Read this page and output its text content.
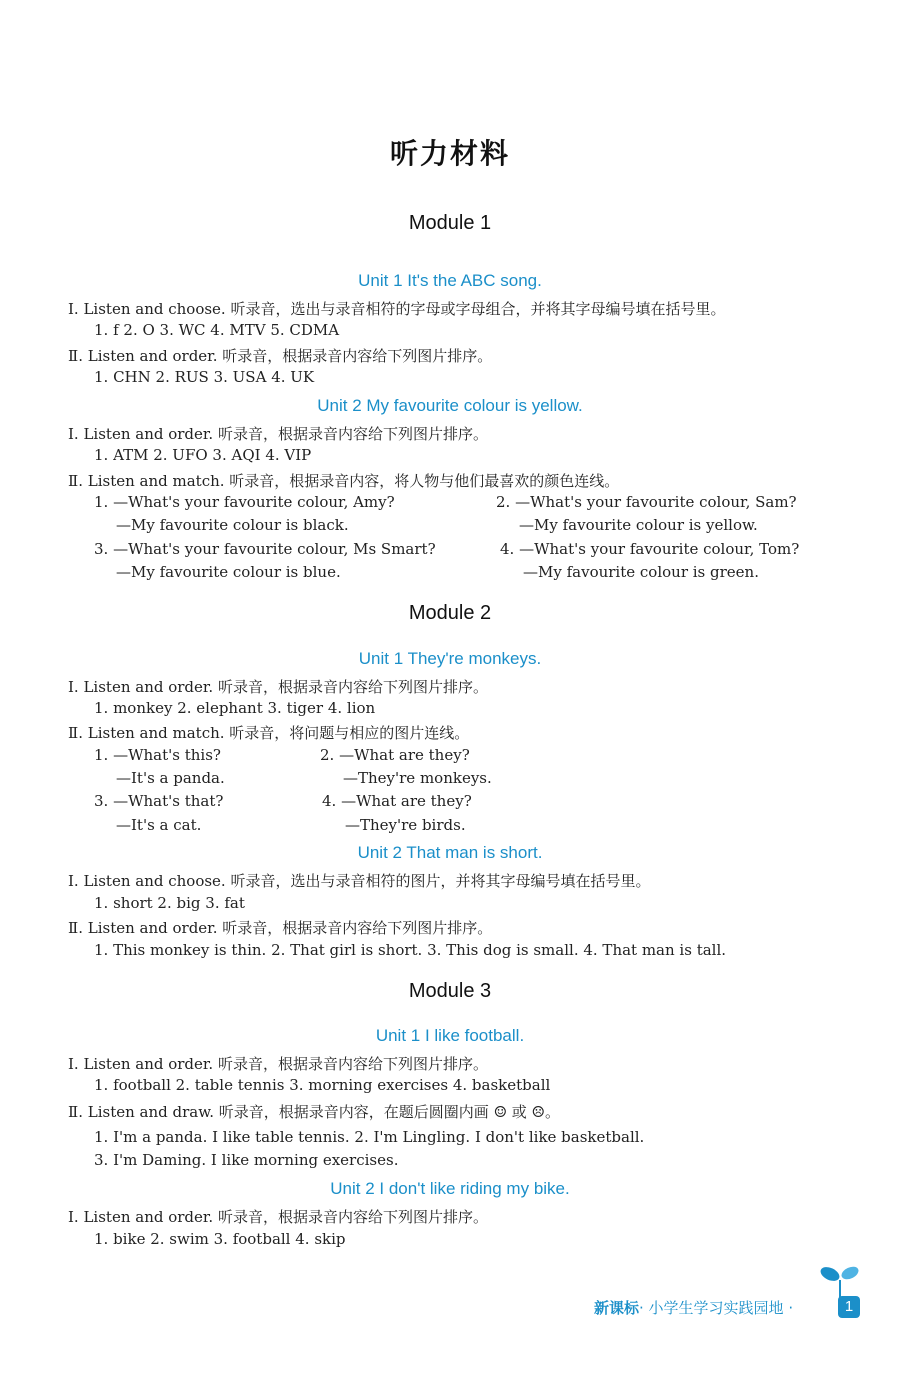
听力材料
Module 1
Unit 1 It's the ABC song.
Ⅰ. Listen and choose. 听录音，选出与录音相符的字母或字母组合，并将其字母编号填在括号里。
1. f 2. O 3. WC 4. MTV 5. CDMA
Ⅱ. Listen and order. 听录音，根据录音内容给下列图片排序。
1. CHN 2. RUS 3. USA 4. UK
Unit 2 My favourite colour is yellow.
Ⅰ. Listen and order. 听录音，根据录音内容给下列图片排序。
1. ATM 2. UFO 3. AQI 4. VIP
Ⅱ. Listen and match. 听录音，根据录音内容，将人物与他们最喜欢的颜色连线。
1. —What's your favourite colour, Amy?
—My favourite colour is black.
2. —What's your favourite colour, Sam?
—My favourite colour is yellow.
3. —What's your favourite colour, Ms Smart?
—My favourite colour is blue.
4. —What's your favourite colour, Tom?
—My favourite colour is green.
Module 2
Unit 1 They're monkeys.
Ⅰ. Listen and order. 听录音，根据录音内容给下列图片排序。
1. monkey 2. elephant 3. tiger 4. lion
Ⅱ. Listen and match. 听录音，将问题与相应的图片连线。
1. —What's this?
—It's a panda.
2. —What are they?
—They're monkeys.
3. —What's that?
—It's a cat.
4. —What are they?
—They're birds.
Unit 2 That man is short.
Ⅰ. Listen and choose. 听录音，选出与录音相符的图片，并将其字母编号填在括号里。
1. short 2. big 3. fat
Ⅱ. Listen and order. 听录音，根据录音内容给下列图片排序。
1. This monkey is thin. 2. That girl is short. 3. This dog is small. 4. That man is tall.
Module 3
Unit 1 I like football.
Ⅰ. Listen and order. 听录音，根据录音内容给下列图片排序。
1. football 2. table tennis 3. morning exercises 4. basketball
Ⅱ. Listen and draw. 听录音，根据录音内容，在题后圆圈内画 ☺ 或 ☹。
1. I'm a panda. I like table tennis. 2. I'm Lingling. I don't like basketball.
3. I'm Daming. I like morning exercises.
Unit 2 I don't like riding my bike.
Ⅰ. Listen and order. 听录音，根据录音内容给下列图片排序。
1. bike 2. swim 3. football 4. skip
新课标· 小学生学习实践园地 ·	1
